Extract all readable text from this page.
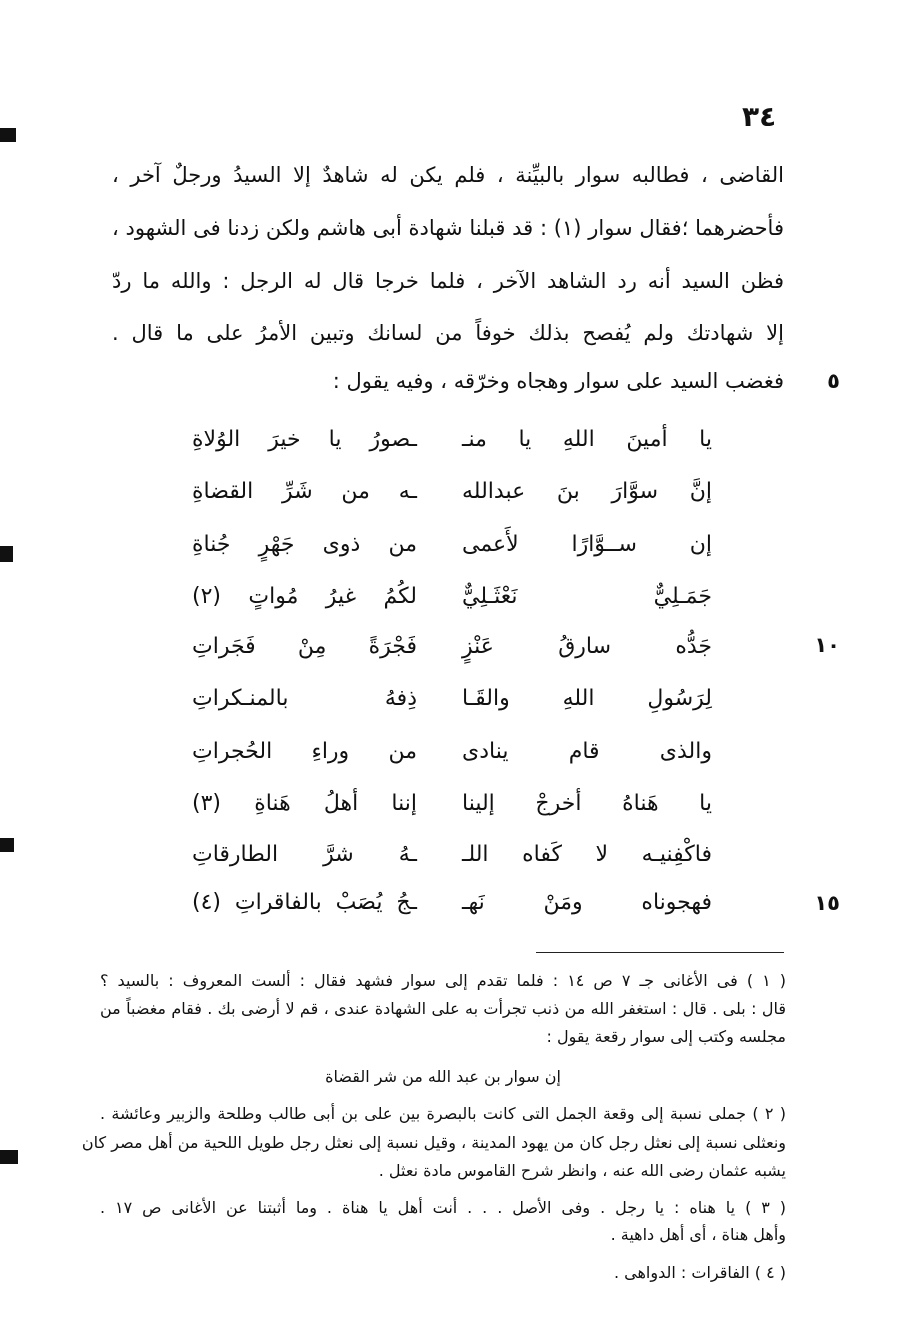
٣٤
القاضى ، فطالبه سوار بالبيِّنة ، فلم يكن له شاهدٌ إلا السيدُ ورجلٌ آخر ،
فأحضرهما ؛فقال سوار (١) : قد قبلنا شهادة أبى هاشم ولكن زدنا فى الشهود ،
فظن السيد أنه رد الشاهد الآخر ، فلما خرجا قال له الرجل : والله ما ردّ
إلا شهادتك ولم يُفصح بذلك خوفاً من لسانك وتبين الأمرُ على ما قال .
فغضب السيد على سوار وهجاه وخرّقه ، وفيه يقول :	٥
١٠
١٥
يا أمينَ اللهِ يا منـ
ـصورُ يا خيرَ الوُلاةِ
إنَّ سوَّارَ بنَ عبدالله
ـه من شَرِّ القضاةِ
إن ســوَّارًا لأَعمى
من ذوى جَهْرٍ جُناةِ
جَمَـلِيٌّ نَعْثَـلِيٌّ
لكُمُ غيرُ مُواتٍ (٢)
جَدُّه سارقُ عَنْزٍ
فَجْرَةً مِنْ فَجَراتِ
لِرَسُولِ اللهِ والقَـا
ذِفهُ بالمنـكراتِ
والذى قام ينادى
من وراءِ الحُجراتِ
يا هَناهُ أخرجْ إلينا
إننا أهلُ هَناةِ (٣)
فاكْفِنيـه لا كَفاه اللـ
ـهُ شرَّ الطارقاتِ
فهجوناه ومَنْ نَهـ
ـجُ يُصَبْ بالفاقراتِ (٤)
( ١ ) فى الأغانى جـ ٧ ص ١٤ : فلما تقدم إلى سوار فشهد فقال : ألست المعروف : بالسيد ؟
قال : بلى . قال : استغفر الله من ذنب تجرأت به على الشهادة عندى ، قم لا أرضى بك . فقام مغضباً من
مجلسه وكتب إلى سوار رقعة يقول :
إن سوار بن عبد الله من شر القضاة
( ٢ ) جملى نسبة إلى وقعة الجمل التى كانت بالبصرة بين على بن أبى طالب وطلحة والزبير وعائشة .
ونعثلى نسبة إلى نعثل رجل كان من يهود المدينة ، وقيل نسبة إلى نعثل رجل طويل اللحية من أهل مصر كان
يشبه عثمان رضى الله عنه ، وانظر شرح القاموس مادة نعثل .
( ٣ ) يا هناه : يا رجل . وفى الأصل . . . أنت أهل يا هناة . وما أثبتنا عن الأغانى ص ١٧ .
وأهل هناة ، أى أهل داهية .
( ٤ ) الفاقرات : الدواهى .
